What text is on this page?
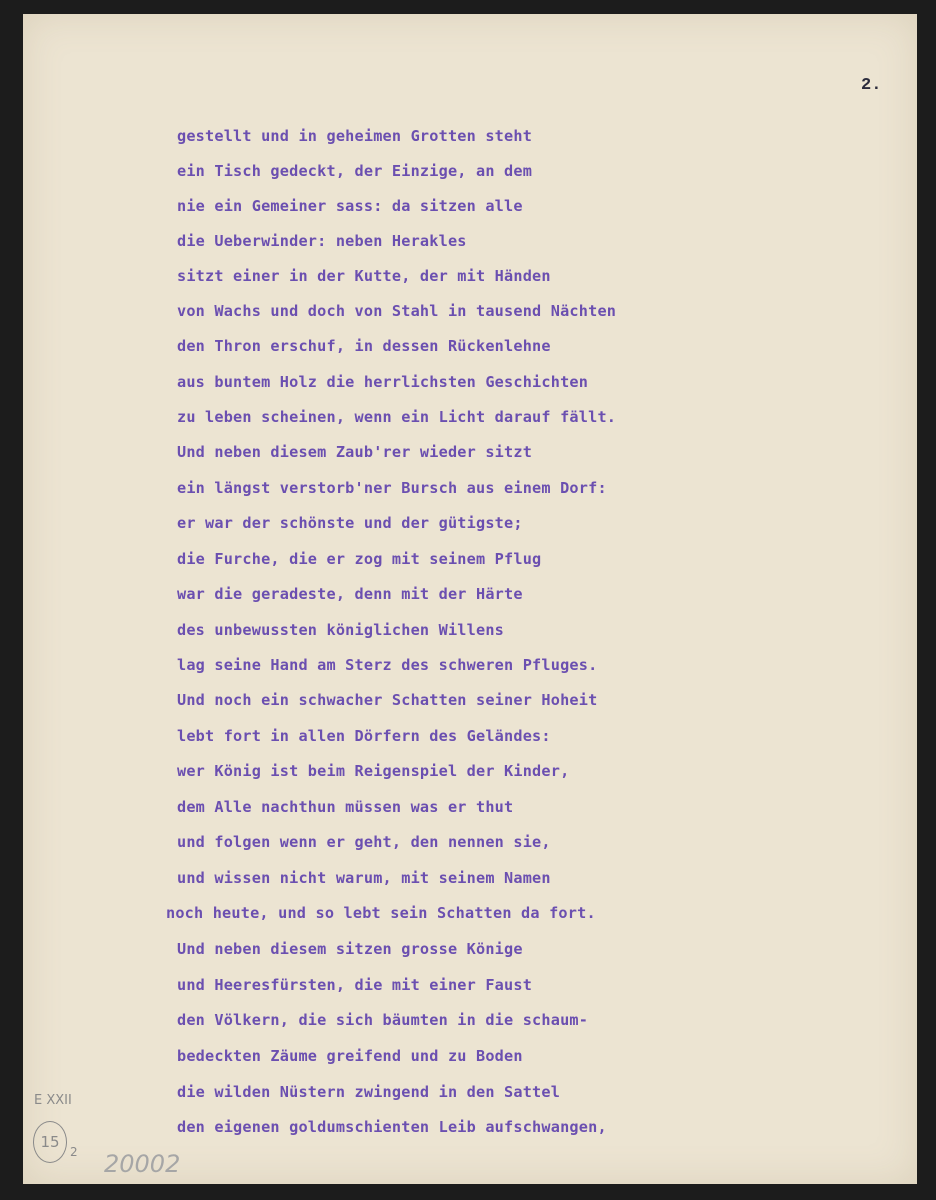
2.
gestellt und in geheimen Grotten steht
ein Tisch gedeckt, der Einzige, an dem
nie ein Gemeiner sass: da sitzen alle
die Ueberwinder: neben Herakles
sitzt einer in der Kutte, der mit Händen
von Wachs und doch von Stahl in tausend Nächten
den Thron erschuf, in dessen Rückenlehne
aus buntem Holz die herrlichsten Geschichten
zu leben scheinen, wenn ein Licht darauf fällt.
Und neben diesem Zaub'rer wieder sitzt
ein längst verstorb'ner Bursch aus einem Dorf:
er war der schönste und der gütigste;
die Furche, die er zog mit seinem Pflug
war die geradeste, denn mit der Härte
des unbewussten königlichen Willens
lag seine Hand am Sterz des schweren Pfluges.
Und noch ein schwacher Schatten seiner Hoheit
lebt fort in allen Dörfern des Geländes:
wer König ist beim Reigenspiel der Kinder,
dem Alle nachthun müssen was er thut
und folgen wenn er geht, den nennen sie,
und wissen nicht warum, mit seinem Namen
noch heute, und so lebt sein Schatten da fort.
Und neben diesem sitzen grosse Könige
und Heeresfürsten, die mit einer Faust
den Völkern, die sich bäumten in die schaum-
bedeckten Zäume greifend und zu Boden
die wilden Nüstern zwingend in den Sattel
den eigenen goldumschienten Leib aufschwangen,
E XXII
15
2 20002
